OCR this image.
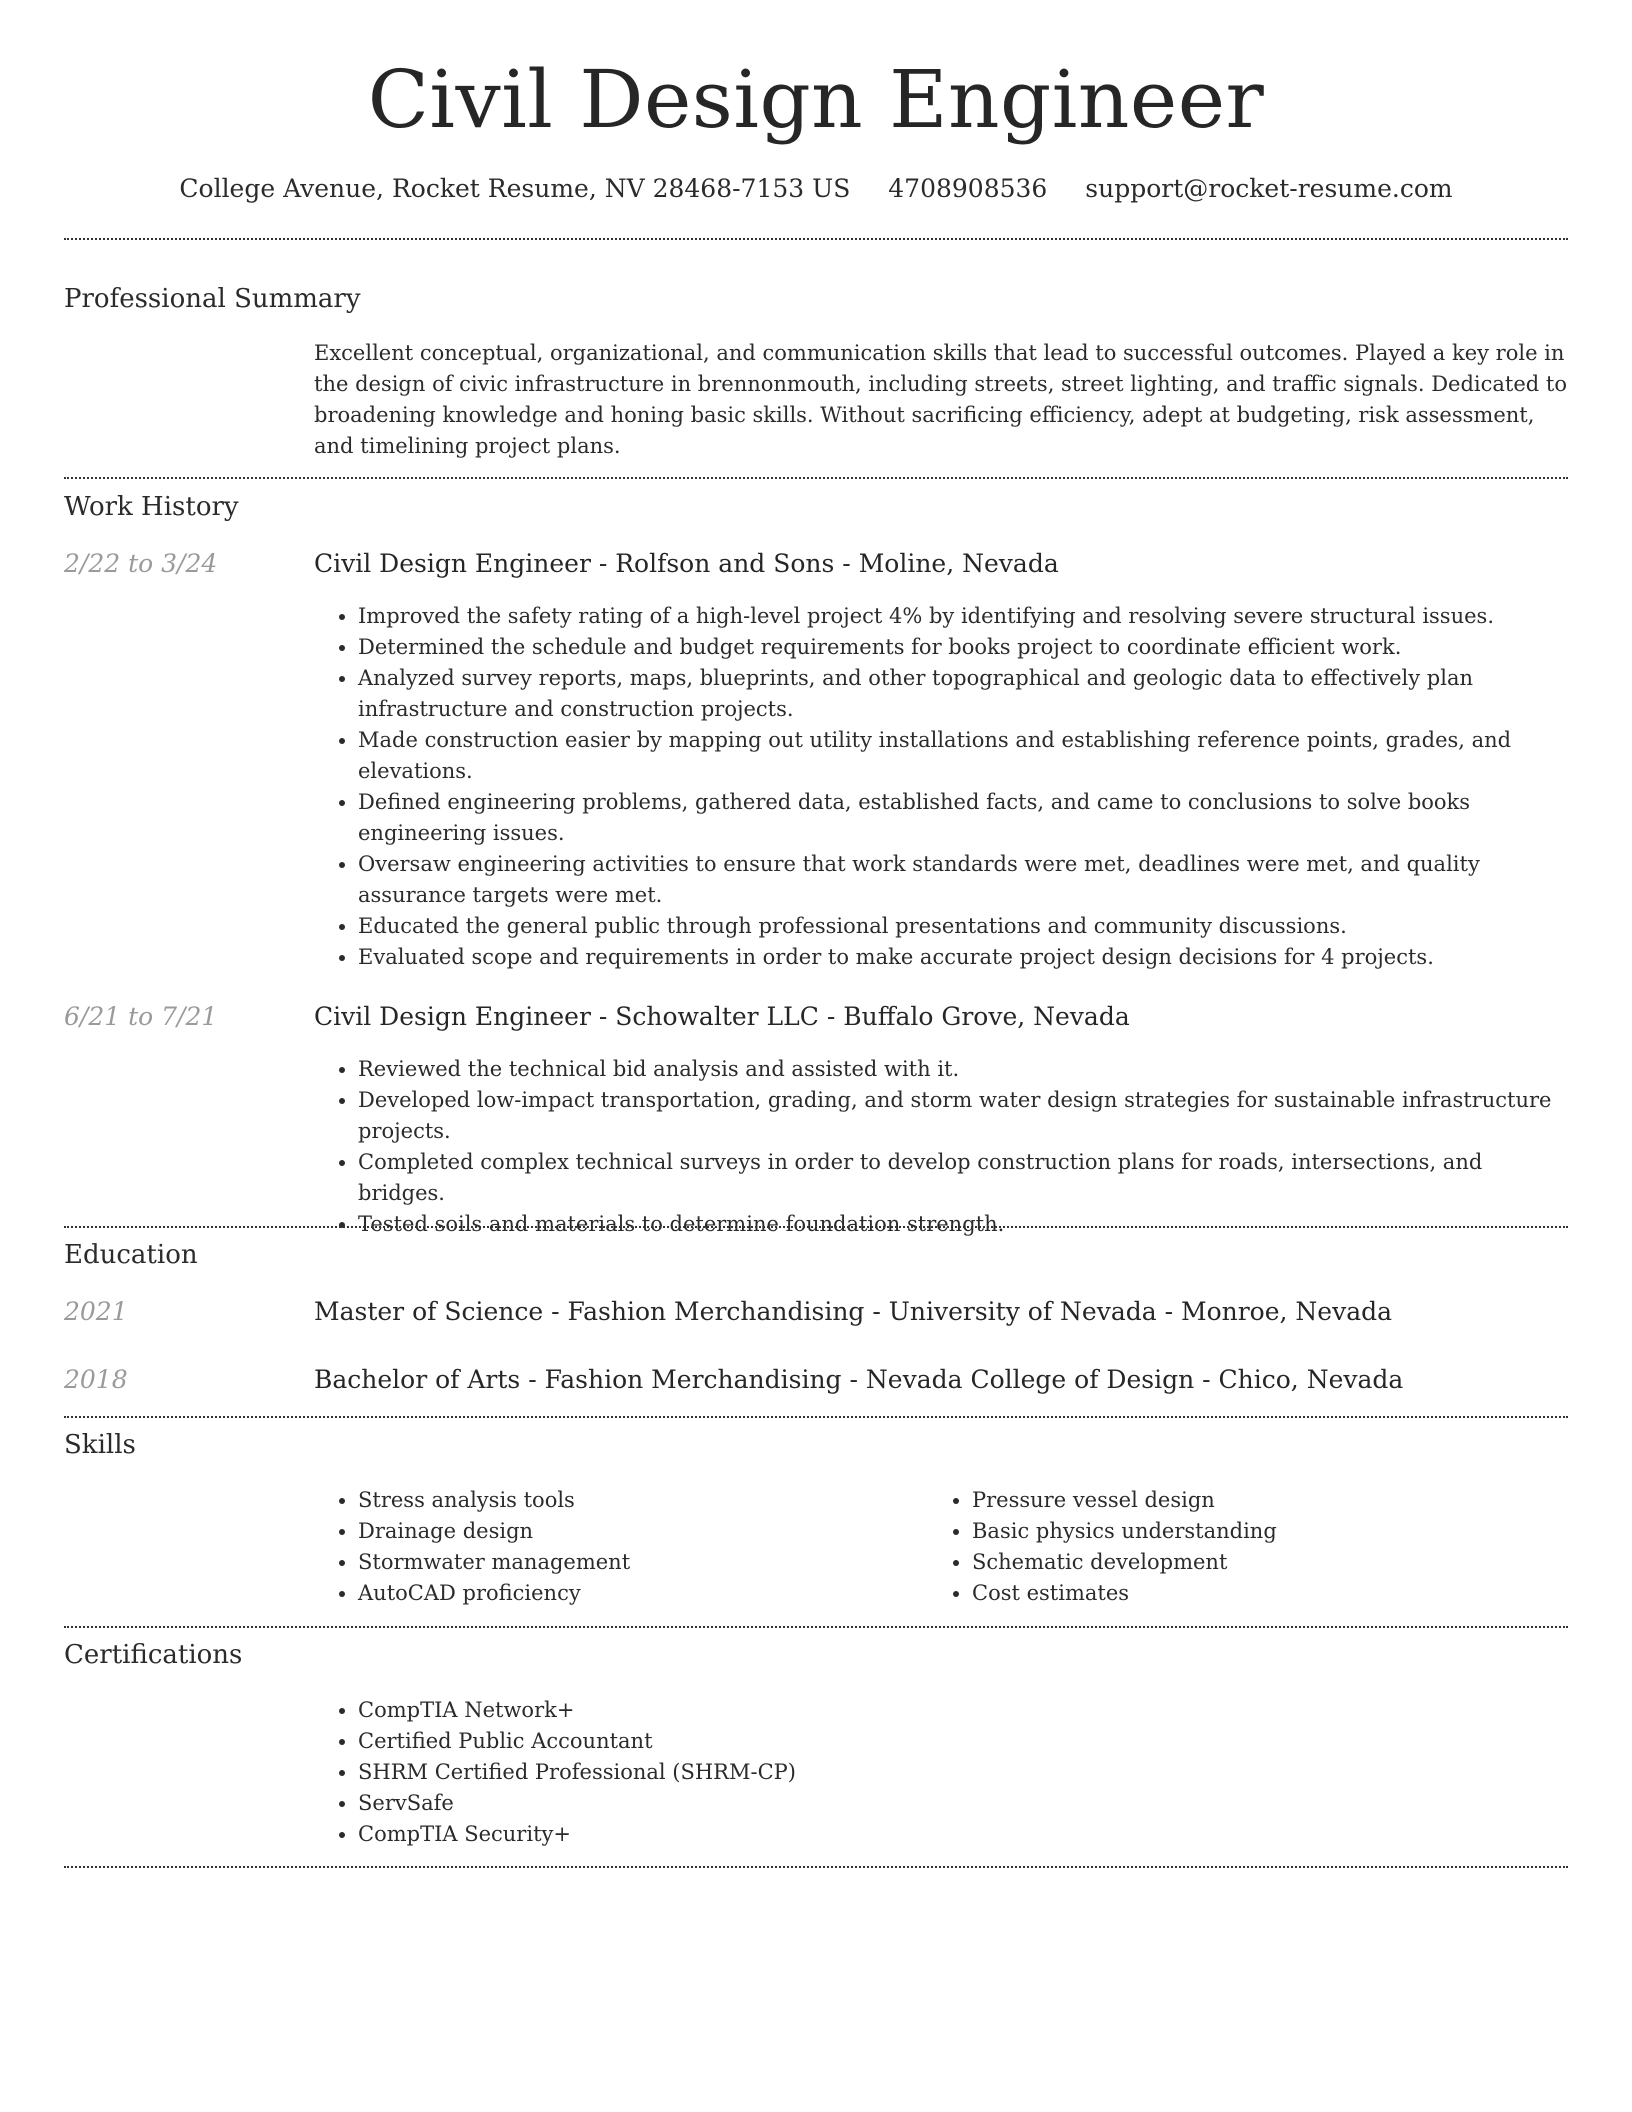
Civil Design Engineer
College Avenue, Rocket Resume, NV 28468-7153 US 4708908536 support@rocket-resume.com
Professional Summary
Excellent conceptual, organizational, and communication skills that lead to successful outcomes. Played a key role in the design of civic infrastructure in brennonmouth, including streets, street lighting, and traffic signals. Dedicated to broadening knowledge and honing basic skills. Without sacrificing efficiency, adept at budgeting, risk assessment, and timelining project plans.
Work History
2/22 to 3/24	Civil Design Engineer - Rolfson and Sons - Moline, Nevada
• Improved the safety rating of a high-level project 4% by identifying and resolving severe structural issues.
• Determined the schedule and budget requirements for books project to coordinate efficient work.
• Analyzed survey reports, maps, blueprints, and other topographical and geologic data to effectively plan infrastructure and construction projects.
• Made construction easier by mapping out utility installations and establishing reference points, grades, and elevations.
• Defined engineering problems, gathered data, established facts, and came to conclusions to solve books engineering issues.
• Oversaw engineering activities to ensure that work standards were met, deadlines were met, and quality assurance targets were met.
• Educated the general public through professional presentations and community discussions.
• Evaluated scope and requirements in order to make accurate project design decisions for 4 projects.
6/21 to 7/21	Civil Design Engineer - Schowalter LLC - Buffalo Grove, Nevada
• Reviewed the technical bid analysis and assisted with it.
• Developed low-impact transportation, grading, and storm water design strategies for sustainable infrastructure projects.
• Completed complex technical surveys in order to develop construction plans for roads, intersections, and bridges.
• Tested soils and materials to determine foundation strength.
Education
2021	Master of Science - Fashion Merchandising - University of Nevada - Monroe, Nevada
2018	Bachelor of Arts - Fashion Merchandising - Nevada College of Design - Chico, Nevada
Skills
• Stress analysis tools
• Drainage design
• Stormwater management
• AutoCAD proficiency
• Pressure vessel design
• Basic physics understanding
• Schematic development
• Cost estimates
Certifications
• CompTIA Network+
• Certified Public Accountant
• SHRM Certified Professional (SHRM-CP)
• ServSafe
• CompTIA Security+
